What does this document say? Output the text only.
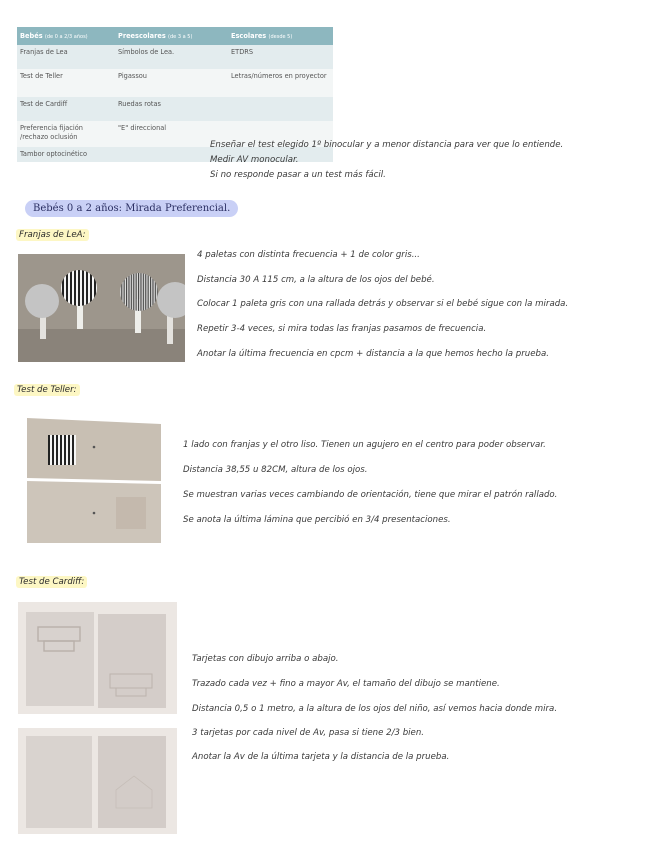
Bebés (de 0 a 2/3 años)	Preescolares (de 3 a 5)	Escolares (desde 5)
Franjas de Lea	Símbolos de Lea.	ETDRS
Test de Teller	Pigassou	Letras/números en proyector
Test de Cardiff	Ruedas rotas	
Preferencia fijación /rechazo oclusión	"E" direccional	
Tambor optocinético		
Enseñar el test elegido 1º binocular y a menor distancia para ver que lo entiende.
Medir AV monocular.
Si no responde pasar a un test más fácil.
Bebés 0 a 2 años: Mirada Preferencial.
Franjas de LeA:
4 paletas con distinta frecuencia + 1 de color gris...
Distancia 30 A 115 cm, a la altura de los ojos del bebé.
Colocar 1 paleta gris con una rallada detrás y observar si el bebé sigue con la mirada.
Repetir 3-4 veces, si mira todas las franjas pasamos de frecuencia.
Anotar la última frecuencia en cpcm + distancia a la que hemos hecho la prueba.
Test de Teller:
1 lado con franjas y el otro liso. Tienen un agujero en el centro para poder observar.
Distancia 38,55 u 82CM, altura de los ojos.
Se muestran varias veces cambiando de orientación, tiene que mirar el patrón rallado.
Se anota la última lámina que percibió en 3/4 presentaciones.
Test de Cardiff:
Tarjetas con dibujo arriba o abajo.
Trazado cada vez + fino a mayor Av, el tamaño del dibujo se mantiene.
Distancia 0,5 o 1 metro, a la altura de los ojos del niño, así vemos hacia donde mira.
3 tarjetas por cada nivel de Av, pasa si tiene 2/3 bien.
Anotar la Av de la última tarjeta y la distancia de la prueba.
